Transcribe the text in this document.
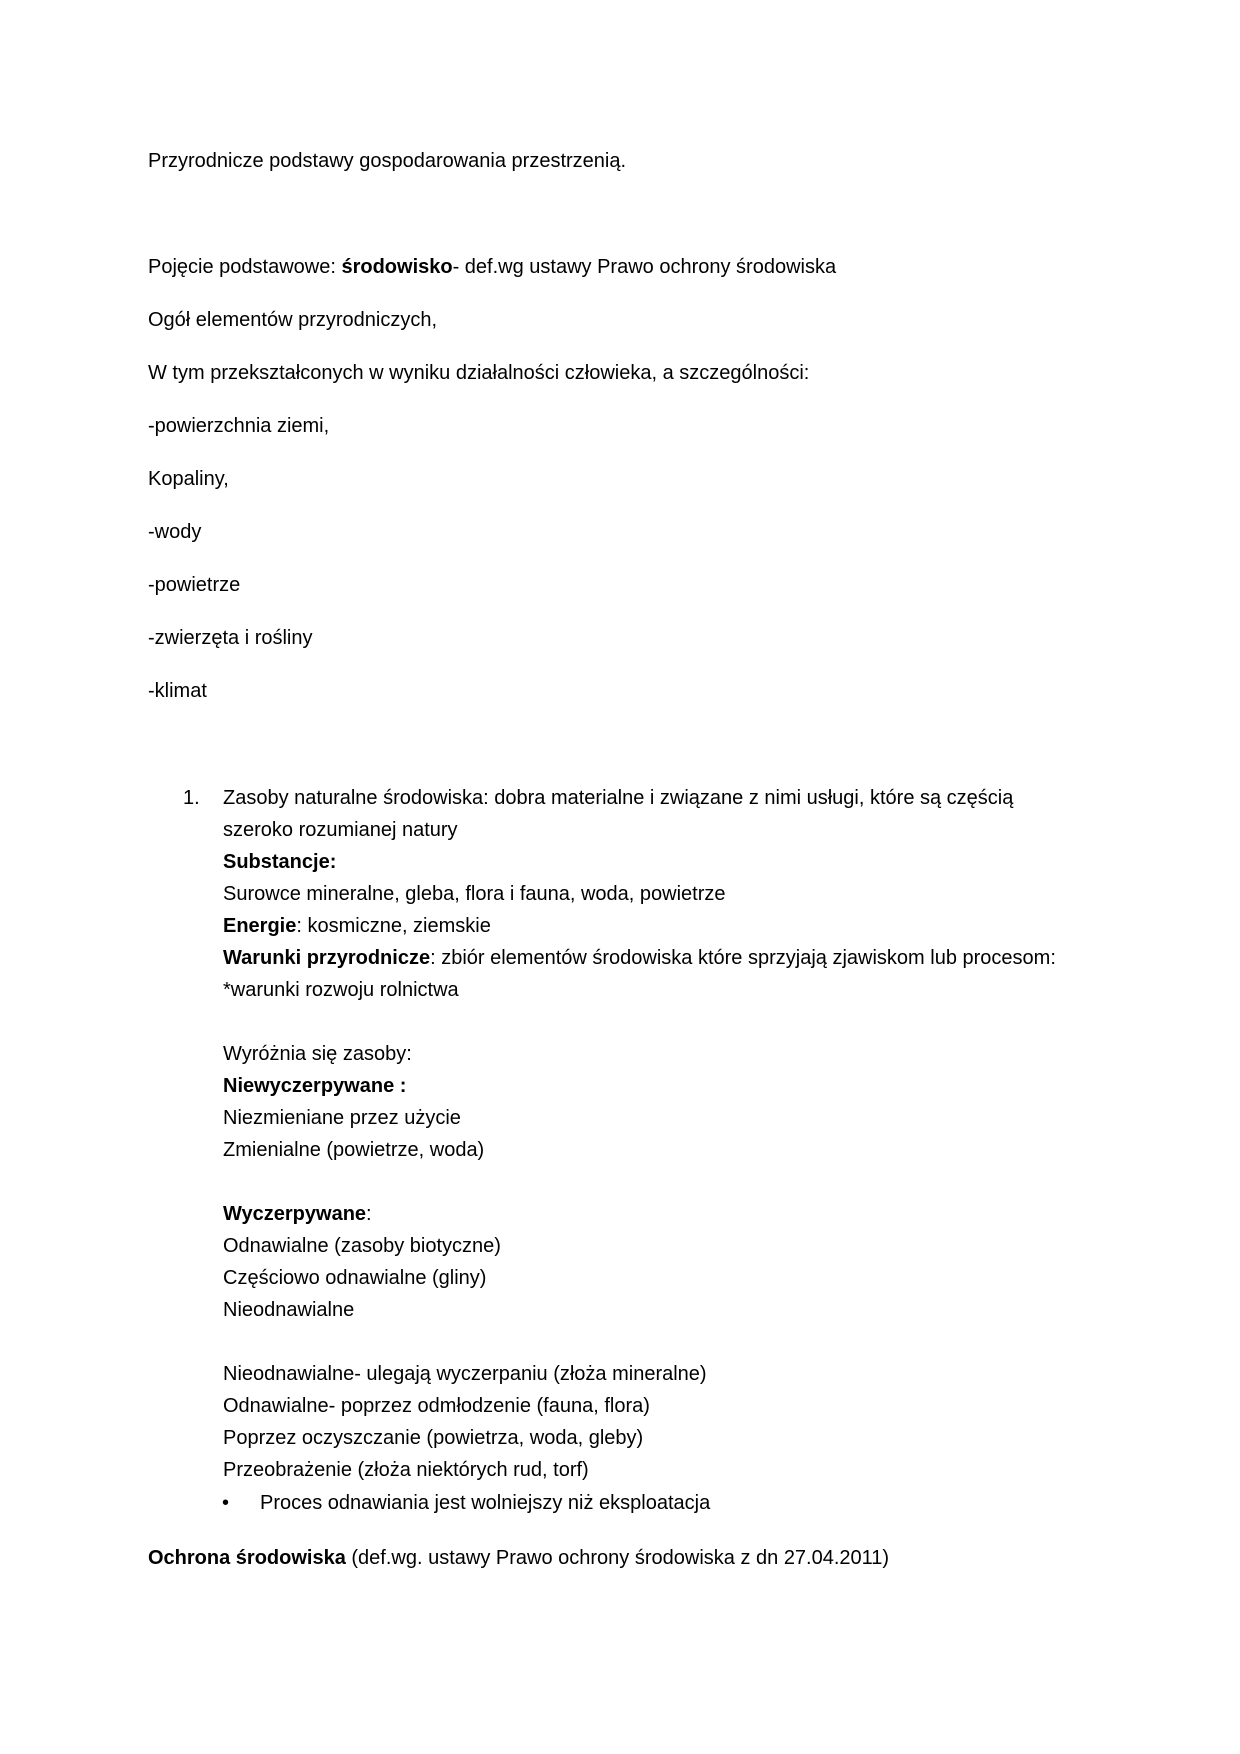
Przyrodnicze podstawy gospodarowania przestrzenią.
Pojęcie podstawowe: środowisko- def.wg ustawy Prawo ochrony środowiska
Ogół elementów przyrodniczych,
W tym przekształconych w wyniku działalności człowieka, a szczególności:
-powierzchnia ziemi,
Kopaliny,
-wody
-powietrze
-zwierzęta i rośliny
-klimat
1. Zasoby naturalne środowiska: dobra materialne i związane z nimi usługi, które są częścią
szeroko rozumianej natury
Substancje:
Surowce mineralne, gleba, flora i fauna, woda, powietrze
Energie: kosmiczne, ziemskie
Warunki przyrodnicze: zbiór elementów środowiska które sprzyjają zjawiskom lub procesom:
*warunki rozwoju rolnictwa
Wyróżnia się zasoby:
Niewyczerpywane :
Niezmieniane przez użycie
Zmienialne (powietrze, woda)
Wyczerpywane:
Odnawialne (zasoby biotyczne)
Częściowo odnawialne (gliny)
Nieodnawialne
Nieodnawialne- ulegają wyczerpaniu (złoża mineralne)
Odnawialne- poprzez odmłodzenie (fauna, flora)
Poprzez oczyszczanie (powietrza, woda, gleby)
Przeobrażenie (złoża niektórych rud, torf)
• Proces odnawiania jest wolniejszy niż eksploatacja
Ochrona środowiska (def.wg. ustawy Prawo ochrony środowiska z dn 27.04.2011)
